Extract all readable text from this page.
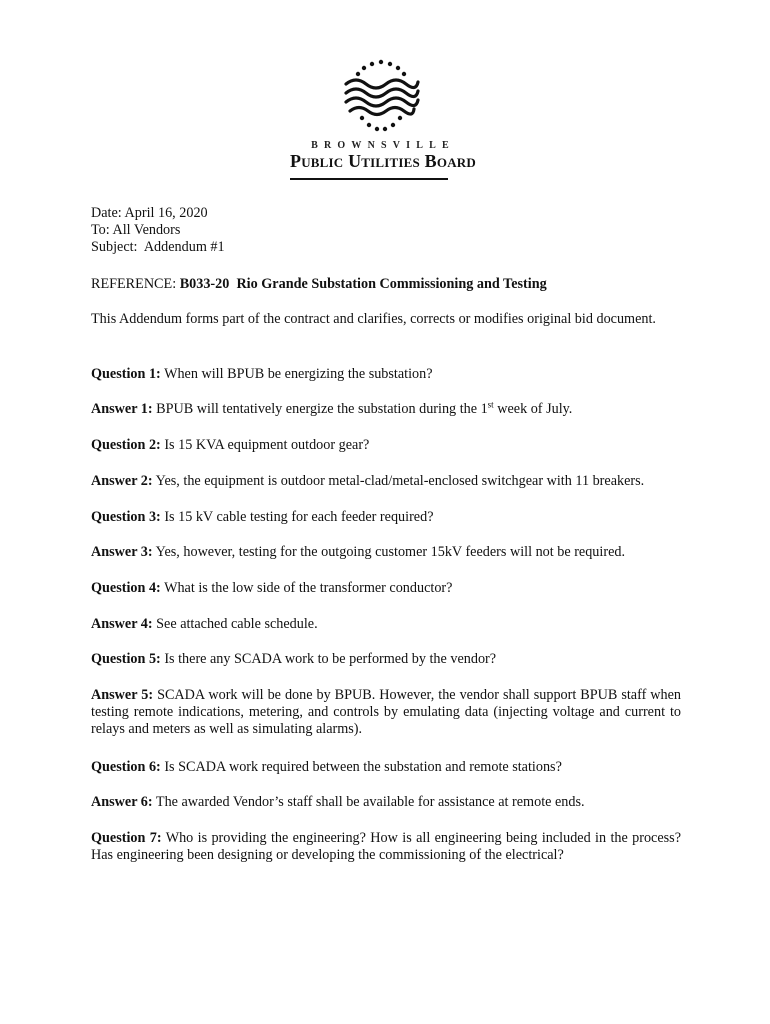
BROWNSVILLE
Public Utilities Board
Date: April 16, 2020
To: All Vendors
Subject: Addendum #1
REFERENCE: B033-20 Rio Grande Substation Commissioning and Testing
This Addendum forms part of the contract and clarifies, corrects or modifies original bid document.
Question 1: When will BPUB be energizing the substation?
Answer 1: BPUB will tentatively energize the substation during the 1st week of July.
Question 2: Is 15 KVA equipment outdoor gear?
Answer 2: Yes, the equipment is outdoor metal-clad/metal-enclosed switchgear with 11 breakers.
Question 3: Is 15 kV cable testing for each feeder required?
Answer 3: Yes, however, testing for the outgoing customer 15kV feeders will not be required.
Question 4: What is the low side of the transformer conductor?
Answer 4: See attached cable schedule.
Question 5: Is there any SCADA work to be performed by the vendor?
Answer 5: SCADA work will be done by BPUB. However, the vendor shall support BPUB staff when testing remote indications, metering, and controls by emulating data (injecting voltage and current to relays and meters as well as simulating alarms).
Question 6: Is SCADA work required between the substation and remote stations?
Answer 6: The awarded Vendor’s staff shall be available for assistance at remote ends.
Question 7: Who is providing the engineering? How is all engineering being included in the process? Has engineering been designing or developing the commissioning of the electrical?
